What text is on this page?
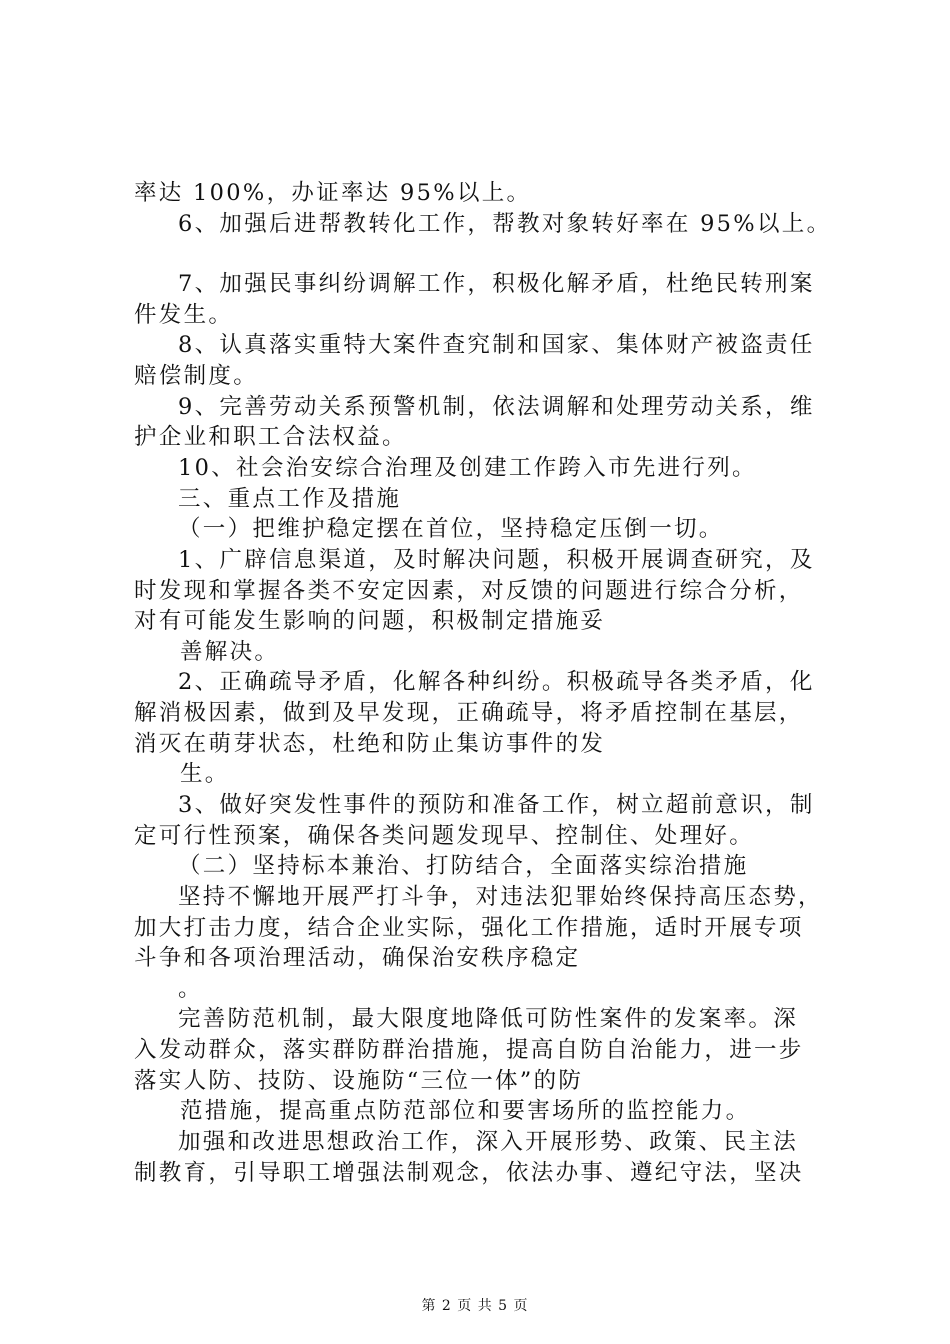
率达 100%，办证率达 95%以上。
6、加强后进帮教转化工作，帮教对象转好率在 95%以上。
7、加强民事纠纷调解工作，积极化解矛盾，杜绝民转刑案
件发生。
8、认真落实重特大案件查究制和国家、集体财产被盗责任
赔偿制度。
9、完善劳动关系预警机制，依法调解和处理劳动关系，维
护企业和职工合法权益。
10、社会治安综合治理及创建工作跨入市先进行列。
三、重点工作及措施
（一）把维护稳定摆在首位，坚持稳定压倒一切。
1、广辟信息渠道，及时解决问题，积极开展调查研究，及
时发现和掌握各类不安定因素，对反馈的问题进行综合分析，
对有可能发生影响的问题，积极制定措施妥
善解决。
2、正确疏导矛盾，化解各种纠纷。积极疏导各类矛盾，化
解消极因素，做到及早发现，正确疏导，将矛盾控制在基层，
消灭在萌芽状态，杜绝和防止集访事件的发
生。
3、做好突发性事件的预防和准备工作，树立超前意识，制
定可行性预案，确保各类问题发现早、控制住、处理好。
（二）坚持标本兼治、打防结合，全面落实综治措施
坚持不懈地开展严打斗争，对违法犯罪始终保持高压态势，
加大打击力度，结合企业实际，强化工作措施，适时开展专项
斗争和各项治理活动，确保治安秩序稳定
。
完善防范机制，最大限度地降低可防性案件的发案率。深
入发动群众，落实群防群治措施，提高自防自治能力，进一步
落实人防、技防、设施防“三位一体”的防
范措施，提高重点防范部位和要害场所的监控能力。
加强和改进思想政治工作，深入开展形势、政策、民主法
制教育，引导职工增强法制观念，依法办事、遵纪守法，坚决
第 2 页 共 5 页
